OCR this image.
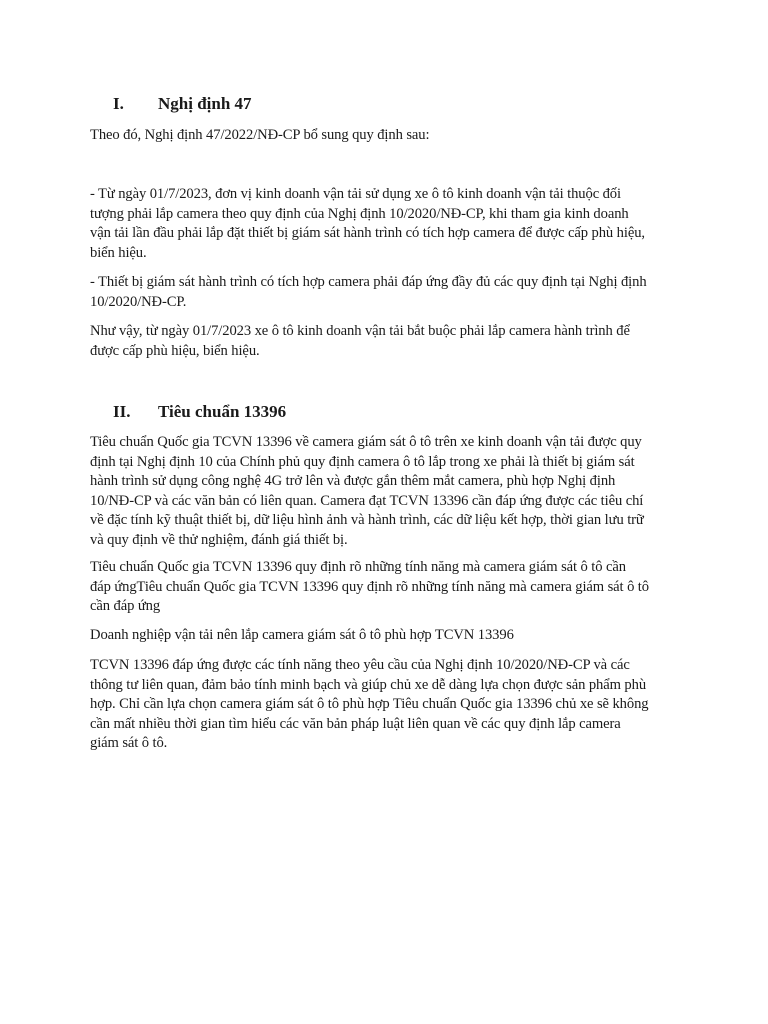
I. Nghị định 47
Theo đó, Nghị định 47/2022/NĐ-CP bổ sung quy định sau:
- Từ ngày 01/7/2023, đơn vị kinh doanh vận tải sử dụng xe ô tô kinh doanh vận tải thuộc đối
tượng phải lắp camera theo quy định của Nghị định 10/2020/NĐ-CP, khi tham gia kinh doanh
vận tải lần đầu phải lắp đặt thiết bị giám sát hành trình có tích hợp camera để được cấp phù hiệu,
biển hiệu.
- Thiết bị giám sát hành trình có tích hợp camera phải đáp ứng đầy đủ các quy định tại Nghị định
10/2020/NĐ-CP.
Như vậy, từ ngày 01/7/2023 xe ô tô kinh doanh vận tải bắt buộc phải lắp camera hành trình để
được cấp phù hiệu, biển hiệu.
II. Tiêu chuẩn 13396
Tiêu chuẩn Quốc gia TCVN 13396 về camera giám sát ô tô trên xe kinh doanh vận tải được quy
định tại Nghị định 10 của Chính phủ quy định camera ô tô lắp trong xe phải là thiết bị giám sát
hành trình sử dụng công nghệ 4G trở lên và được gắn thêm mắt camera, phù hợp Nghị định
10/NĐ-CP và các văn bản có liên quan. Camera đạt TCVN 13396 cần đáp ứng được các tiêu chí
về đặc tính kỹ thuật thiết bị, dữ liệu hình ảnh và hành trình, các dữ liệu kết hợp, thời gian lưu trữ
và quy định về thử nghiệm, đánh giá thiết bị.
Tiêu chuẩn Quốc gia TCVN 13396 quy định rõ những tính năng mà camera giám sát ô tô cần
đáp ứngTiêu chuẩn Quốc gia TCVN 13396 quy định rõ những tính năng mà camera giám sát ô tô
cần đáp ứng
Doanh nghiệp vận tải nên lắp camera giám sát ô tô phù hợp TCVN 13396
TCVN 13396 đáp ứng được các tính năng theo yêu cầu của Nghị định 10/2020/NĐ-CP và các
thông tư liên quan, đảm bảo tính minh bạch và giúp chủ xe dễ dàng lựa chọn được sản phẩm phù
hợp. Chỉ cần lựa chọn camera giám sát ô tô phù hợp Tiêu chuẩn Quốc gia 13396 chủ xe sẽ không
cần mất nhiều thời gian tìm hiểu các văn bản pháp luật liên quan về các quy định lắp camera
giám sát ô tô.
